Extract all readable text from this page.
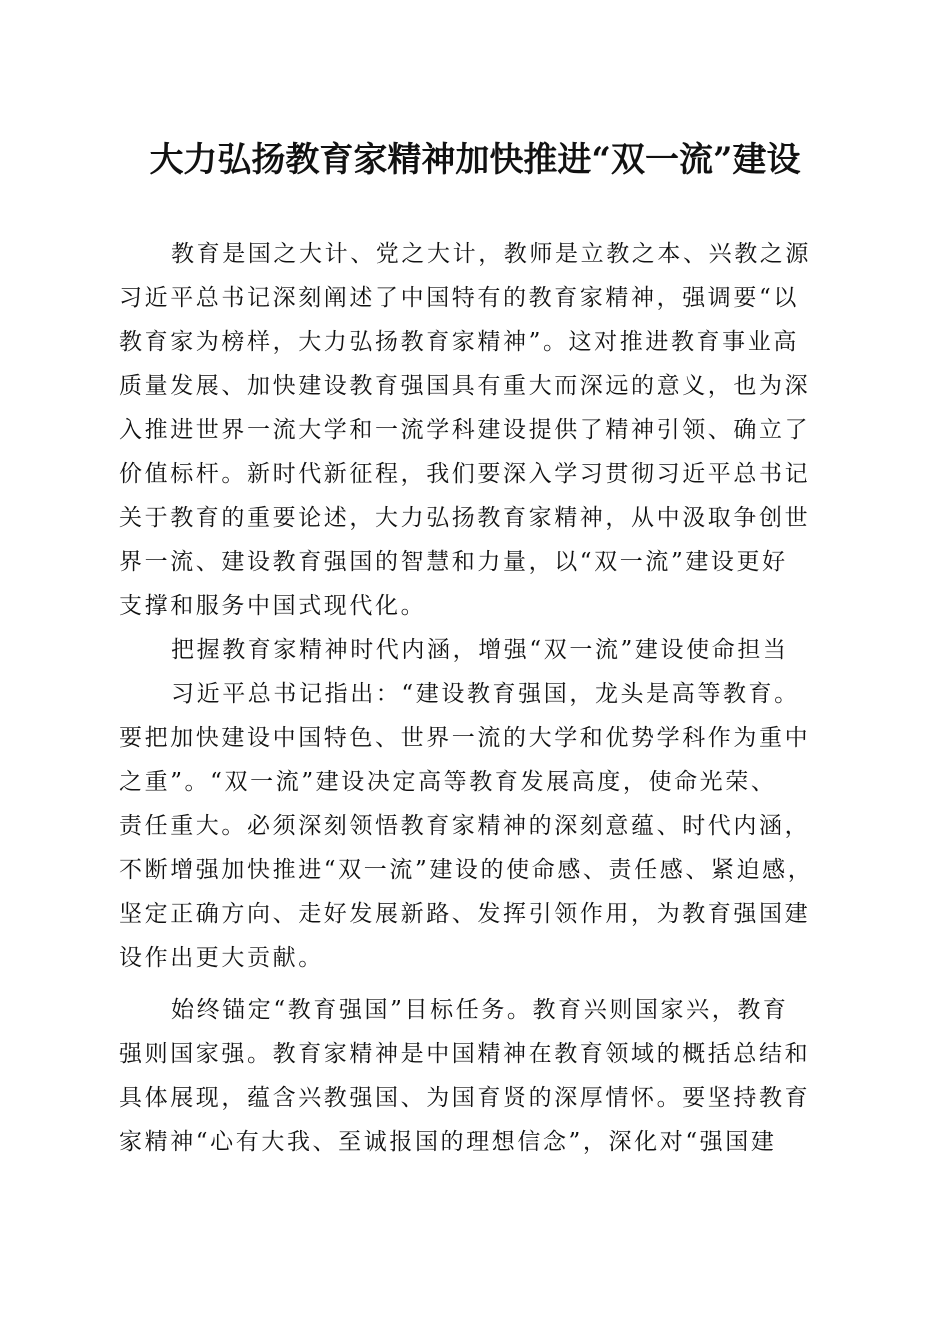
大力弘扬教育家精神加快推进“双一流”建设
教育是国之大计、党之大计，教师是立教之本、兴教之源
习近平总书记深刻阐述了中国特有的教育家精神，强调要“以
教育家为榜样，大力弘扬教育家精神”。这对推进教育事业高
质量发展、加快建设教育强国具有重大而深远的意义，也为深
入推进世界一流大学和一流学科建设提供了精神引领、确立了
价值标杆。新时代新征程，我们要深入学习贯彻习近平总书记
关于教育的重要论述，大力弘扬教育家精神，从中汲取争创世
界一流、建设教育强国的智慧和力量，以“双一流”建设更好
支撑和服务中国式现代化。
把握教育家精神时代内涵，增强“双一流”建设使命担当
习近平总书记指出：“建设教育强国，龙头是高等教育。
要把加快建设中国特色、世界一流的大学和优势学科作为重中
之重”。“双一流”建设决定高等教育发展高度，使命光荣、
责任重大。必须深刻领悟教育家精神的深刻意蕴、时代内涵，
不断增强加快推进“双一流”建设的使命感、责任感、紧迫感，
坚定正确方向、走好发展新路、发挥引领作用，为教育强国建
设作出更大贡献。
始终锚定“教育强国”目标任务。教育兴则国家兴，教育
强则国家强。教育家精神是中国精神在教育领域的概括总结和
具体展现，蕴含兴教强国、为国育贤的深厚情怀。要坚持教育
家精神“心有大我、至诚报国的理想信念”，深化对“强国建
